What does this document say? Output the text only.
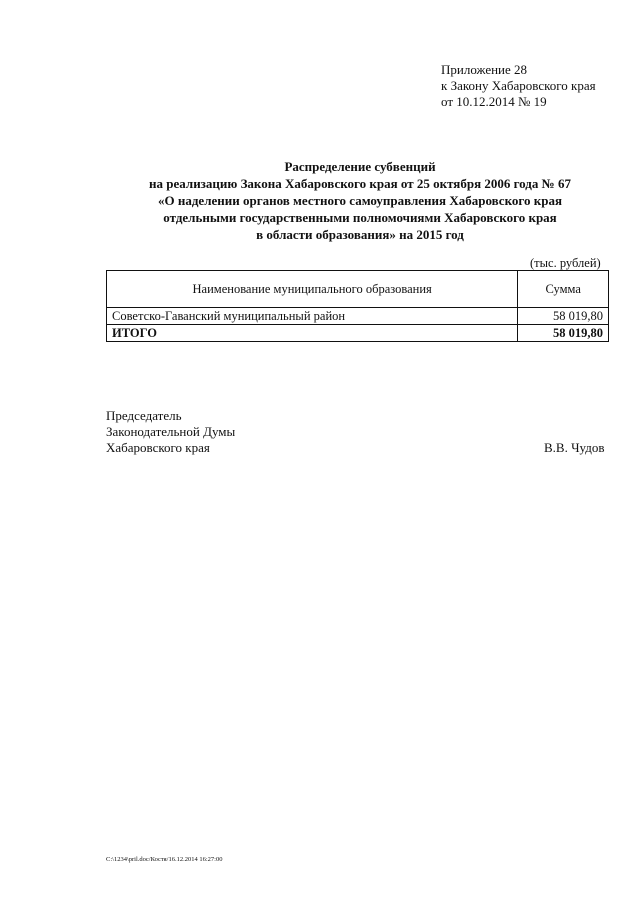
Приложение 28
к Закону Хабаровского края
от 10.12.2014 № 19
Распределение субвенций
на реализацию Закона Хабаровского края от 25 октября 2006 года № 67
«О наделении органов местного самоуправления Хабаровского края
отдельными государственными полномочиями Хабаровского края
в области образования» на 2015 год
(тыс. рублей)
Наименование муниципального образования	Сумма
Советско-Гаванский муниципальный район	58 019,80
ИТОГО	58 019,80
Председатель
Законодательной Думы
Хабаровского края	В.В. Чудов
C:\1234\pril.doc/Костя/16.12.2014 16:27:00
